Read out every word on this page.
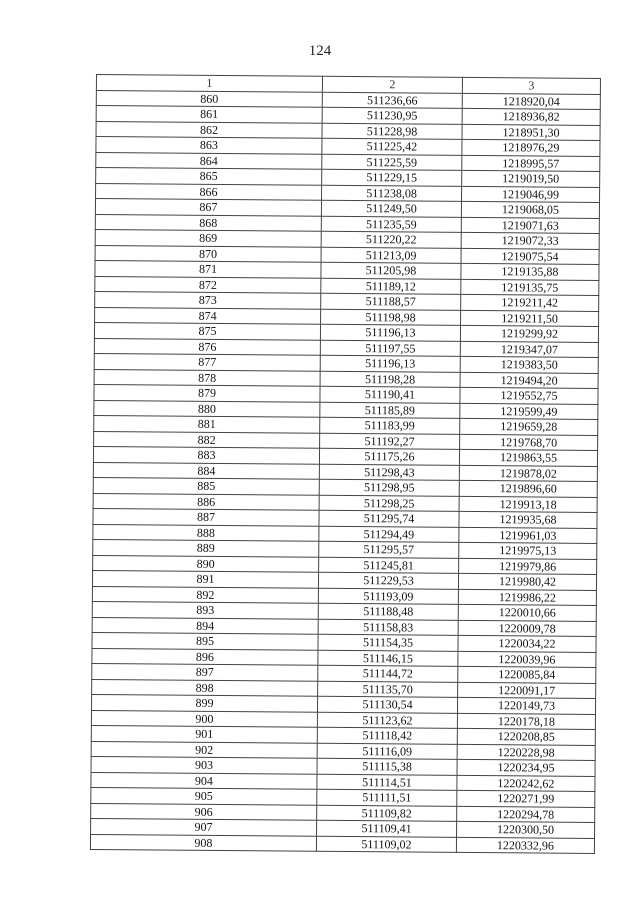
124
1	2	3
860	511236,66	1218920,04
861	511230,95	1218936,82
862	511228,98	1218951,30
863	511225,42	1218976,29
864	511225,59	1218995,57
865	511229,15	1219019,50
866	511238,08	1219046,99
867	511249,50	1219068,05
868	511235,59	1219071,63
869	511220,22	1219072,33
870	511213,09	1219075,54
871	511205,98	1219135,88
872	511189,12	1219135,75
873	511188,57	1219211,42
874	511198,98	1219211,50
875	511196,13	1219299,92
876	511197,55	1219347,07
877	511196,13	1219383,50
878	511198,28	1219494,20
879	511190,41	1219552,75
880	511185,89	1219599,49
881	511183,99	1219659,28
882	511192,27	1219768,70
883	511175,26	1219863,55
884	511298,43	1219878,02
885	511298,95	1219896,60
886	511298,25	1219913,18
887	511295,74	1219935,68
888	511294,49	1219961,03
889	511295,57	1219975,13
890	511245,81	1219979,86
891	511229,53	1219980,42
892	511193,09	1219986,22
893	511188,48	1220010,66
894	511158,83	1220009,78
895	511154,35	1220034,22
896	511146,15	1220039,96
897	511144,72	1220085,84
898	511135,70	1220091,17
899	511130,54	1220149,73
900	511123,62	1220178,18
901	511118,42	1220208,85
902	511116,09	1220228,98
903	511115,38	1220234,95
904	511114,51	1220242,62
905	511111,51	1220271,99
906	511109,82	1220294,78
907	511109,41	1220300,50
908	511109,02	1220332,96
